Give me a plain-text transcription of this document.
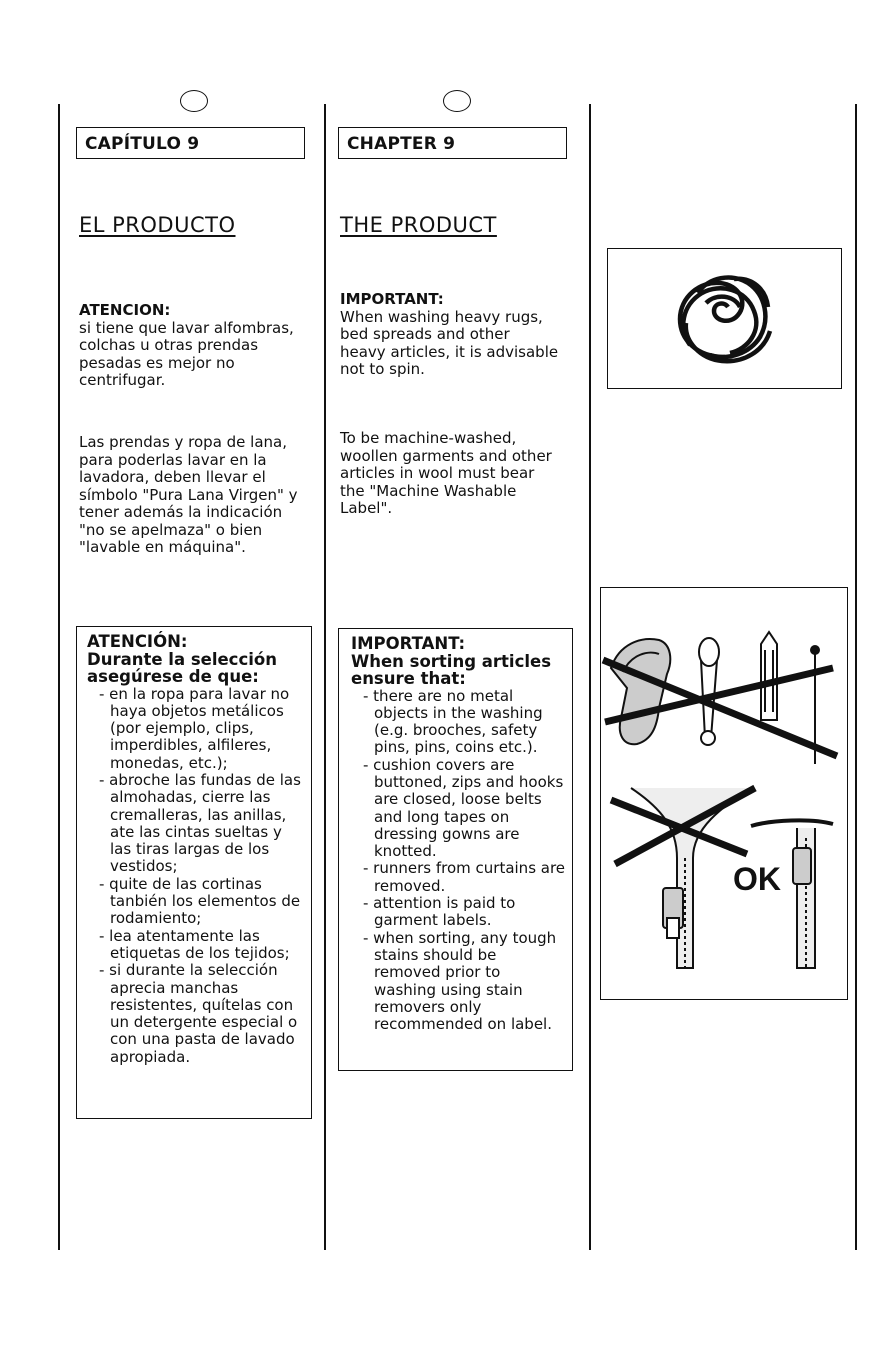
CAPÍTULO 9
EL PRODUCTO
ATENCION:
si tiene que lavar alfombras,
colchas u otras prendas
pesadas es mejor no
centrifugar.
Las prendas y ropa de lana,
para poderlas lavar en la
lavadora, deben llevar el
símbolo "Pura Lana Virgen" y
tener además la indicación
"no se apelmaza" o bien
"lavable en máquina".
ATENCIÓN:
Durante la selección
asegúrese de que:
- en la ropa para lavar no haya objetos metálicos (por ejemplo, clips, imperdibles, alfileres, monedas, etc.);
- abroche las fundas de las almohadas, cierre las cremalleras, las anillas, ate las cintas sueltas y las tiras largas de los vestidos;
- quite de las cortinas tanbién los elementos de rodamiento;
- lea atentamente las etiquetas de los tejidos;
- si durante la selección aprecia manchas resistentes, quítelas con un detergente especial o con una pasta de lavado apropiada.
CHAPTER 9
THE PRODUCT
IMPORTANT:
When washing heavy rugs,
bed spreads and other
heavy articles, it is advisable
not to spin.
To be machine-washed,
woollen garments and other
articles in wool must bear
the "Machine Washable
Label".
IMPORTANT:
When sorting articles
ensure that:
- there are no metal objects in the washing (e.g. brooches, safety pins, pins, coins etc.).
- cushion covers are buttoned, zips and hooks are closed, loose belts and long tapes on dressing gowns are knotted.
- runners from curtains are removed.
- attention is paid to garment labels.
- when sorting, any tough stains should be removed prior to washing using stain removers only recommended on label.
OK
